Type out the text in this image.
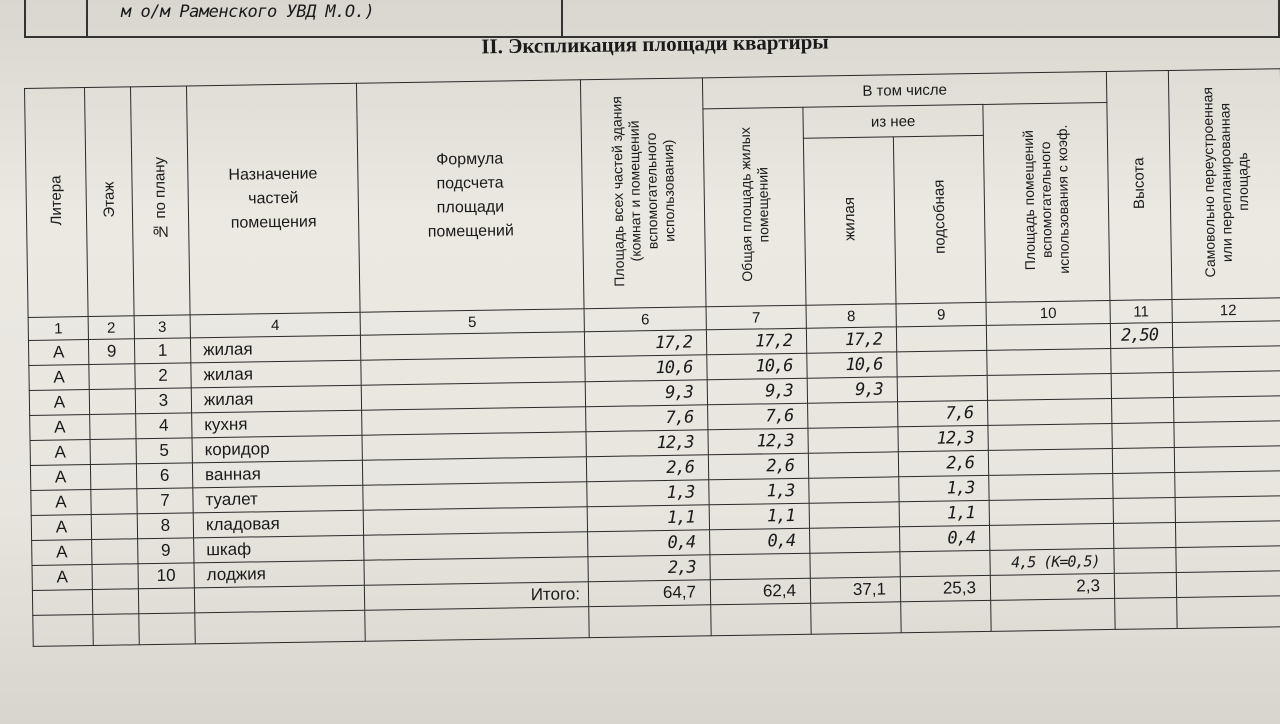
м о/м Раменского УВД М.О.)
II. Экспликация площади квартиры
Литера	Этаж	№ по плану	Назначение частей помещения	Формула подсчета площади помещений	Площадь всех частей здания (комнат и помещений вспомогательного использования)	В том числе				Высота	Самовольно переустроенная или перепланированная площадь
						Общая площадь жилых помещений	из нее		Площадь помещений вспомогательного использования с коэф.		
							жилая	подсобная			
1	2	3	4	5	6	7	8	9	10	11	12
А	9	1	жилая		17,2	17,2	17,2			2,50	
А		2	жилая		10,6	10,6	10,6				
А		3	жилая		9,3	9,3	9,3				
А		4	кухня		7,6	7,6		7,6			
А		5	коридор		12,3	12,3		12,3			
А		6	ванная		2,6	2,6		2,6			
А		7	туалет		1,3	1,3		1,3			
А		8	кладовая		1,1	1,1		1,1			
А		9	шкаф		0,4	0,4		0,4			
А		10	лоджия		2,3				4,5 (К=0,5)		
				Итого:	64,7	62,4	37,1	25,3	2,3		
